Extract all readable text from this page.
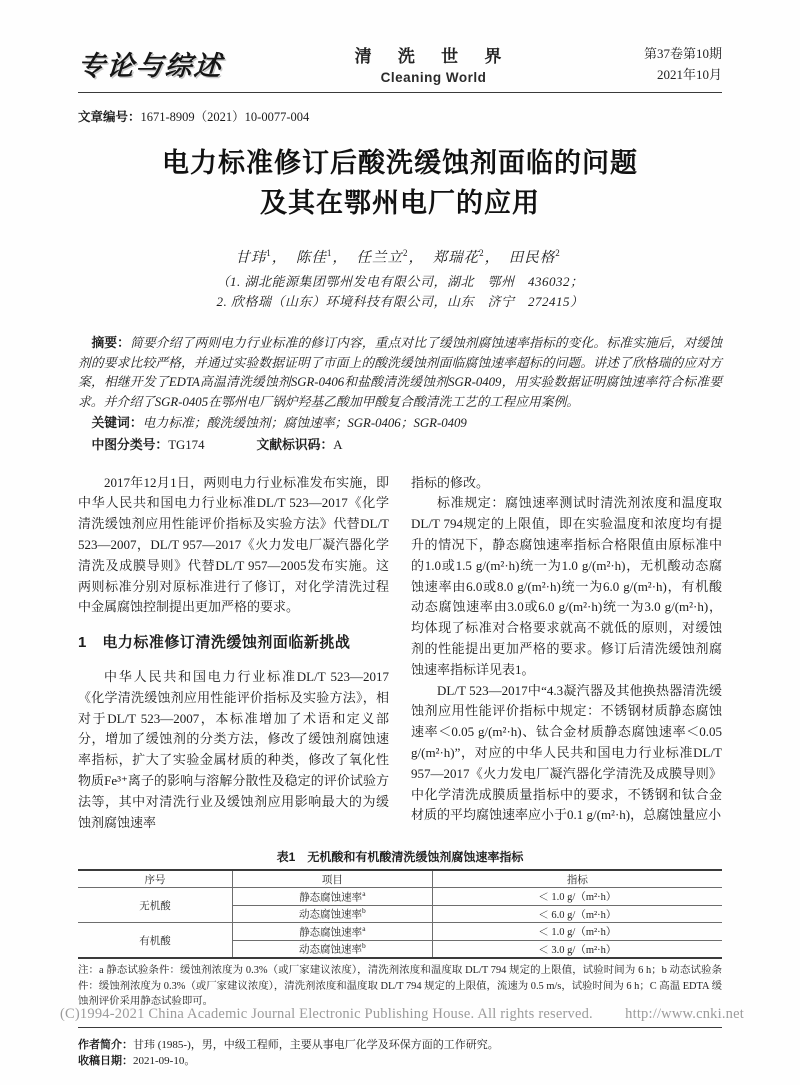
专论与综述	清 洗 世 界
Cleaning World
第37卷第10期
2021年10月

文章编号：1671-8909（2021）10-0077-004

电力标准修订后酸洗缓蚀剂面临的问题
及其在鄂州电厂的应用
甘玮$^1$， 陈佳$^1$， 任兰立$^2$， 郑瑞花$^2$， 田民格$^2$
（1. 湖北能源集团鄂州发电有限公司，湖北　鄂州　436032；
2. 欣格瑞（山东）环境科技有限公司，山东　济宁　272415）

摘要：简要介绍了两则电力行业标准的修订内容，重点对比了缓蚀剂腐蚀速率指标的变化。标准实施后，对缓蚀剂的要求比较严格，并通过实验数据证明了市面上的酸洗缓蚀剂面临腐蚀速率超标的问题。讲述了欣格瑞的应对方案，相继开发了EDTA高温清洗缓蚀剂SGR-0406和盐酸清洗缓蚀剂SGR-0409，用实验数据证明腐蚀速率符合标准要求。并介绍了SGR-0405在鄂州电厂锅炉羟基乙酸加甲酸复合酸清洗工艺的工程应用案例。

关键词：电力标准；酸洗缓蚀剂；腐蚀速率；SGR-0406；SGR-0409

中图分类号：TG174	文献标识码：A

2017年12月1日，两则电力行业标准发布实施，即中华人民共和国电力行业标准DL/T 523—2017《化学清洗缓蚀剂应用性能评价指标及实验方法》代替DL/T 523—2007，DL/T 957—2017《火力发电厂凝汽器化学清洗及成膜导则》代替DL/T 957—2005发布实施。这两则标准分别对原标准进行了修订，对化学清洗过程中金属腐蚀控制提出更加严格的要求。

1　电力标准修订清洗缓蚀剂面临新挑战

中华人民共和国电力行业标准DL/T 523—2017《化学清洗缓蚀剂应用性能评价指标及实验方法》，相对于DL/T 523—2007，本标准增加了术语和定义部分，增加了缓蚀剂的分类方法，修改了缓蚀剂腐蚀速率指标，扩大了实验金属材质的种类，修改了氧化性物质Fe³⁺离子的影响与溶解分散性及稳定的评价试验方法等，其中对清洗行业及缓蚀剂应用影响最大的为缓蚀剂腐蚀速率

指标的修改。

标准规定：腐蚀速率测试时清洗剂浓度和温度取DL/T 794规定的上限值，即在实验温度和浓度均有提升的情况下，静态腐蚀速率指标合格限值由原标准中的1.0或1.5 g/(m²·h)统一为1.0 g/(m²·h)，无机酸动态腐蚀速率由6.0或8.0 g/(m²·h)统一为6.0 g/(m²·h)，有机酸动态腐蚀速率由3.0或6.0 g/(m²·h)统一为3.0 g/(m²·h)，均体现了标准对合格要求就高不就低的原则，对缓蚀剂的性能提出更加严格的要求。修订后清洗缓蚀剂腐蚀速率指标详见表1。

DL/T 523—2017中“4.3凝汽器及其他换热器清洗缓蚀剂应用性能评价指标中规定：不锈钢材质静态腐蚀速率＜0.05 g/(m²·h)、钛合金材质静态腐蚀速率＜0.05 g/(m²·h)”，对应的中华人民共和国电力行业标准DL/T 957—2017《火力发电厂凝汽器化学清洗及成膜导则》中化学清洗成膜质量指标中的要求，不锈钢和钛合金材质的平均腐蚀速率应小于0.1 g/(m²·h)，总腐蚀量应小

表1　无机酸和有机酸清洗缓蚀剂腐蚀速率指标
序号	项目	指标
无机酸	静态腐蚀速率$^a$	＜ 1.0 g/（m²·h）
	动态腐蚀速率$^b$	＜ 6.0 g/（m²·h）
有机酸	静态腐蚀速率$^a$	＜ 1.0 g/（m²·h）
	动态腐蚀速率$^b$	＜ 3.0 g/（m²·h）

注：a 静态试验条件：缓蚀剂浓度为 0.3%（或厂家建议浓度），清洗剂浓度和温度取 DL/T 794 规定的上限值，试验时间为 6 h；b 动态试验条件：缓蚀剂浓度为 0.3%（或厂家建议浓度），清洗剂浓度和温度取 DL/T 794 规定的上限值，流速为 0.5 m/s，试验时间为 6 h；C 高温 EDTA 缓蚀剂评价采用静态试验即可。

作者简介：甘玮 (1985-)，男，中级工程师，主要从事电厂化学及环保方面的工作研究。

收稿日期：2021-09-10。

(C)1994-2021 China Academic Journal Electronic Publishing House. All rights reserved. http://www.cnki.net
